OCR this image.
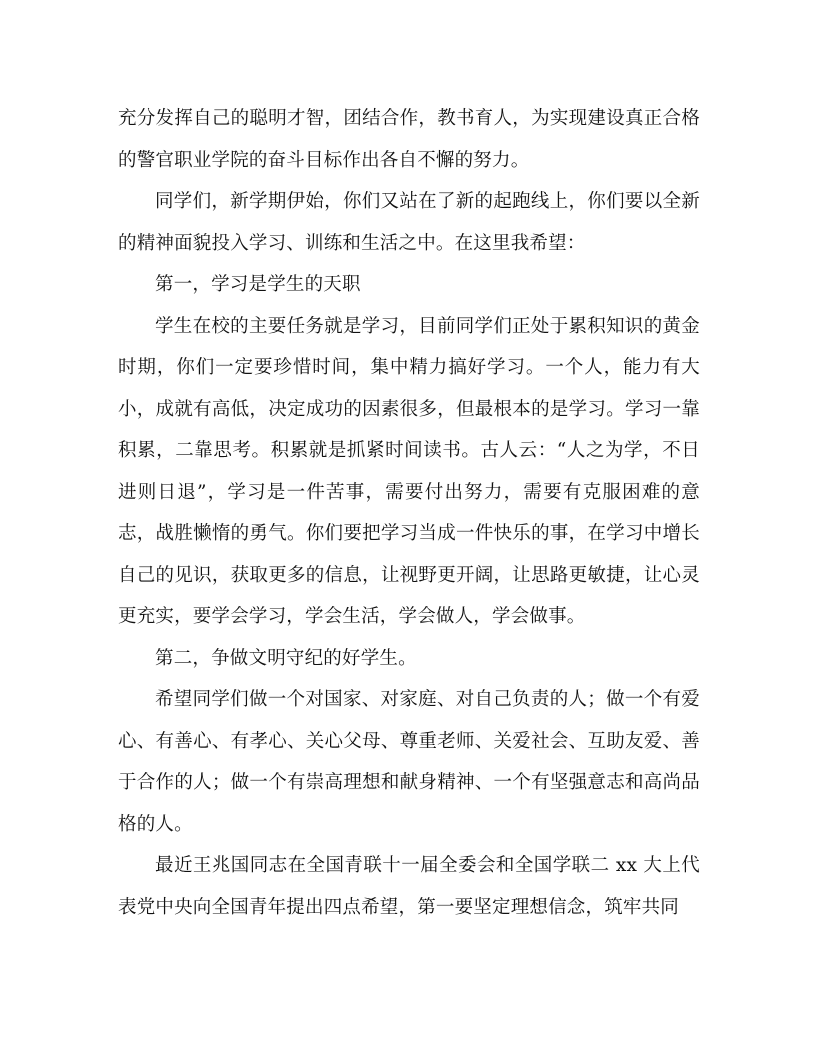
充分发挥自己的聪明才智，团结合作，教书育人，为实现建设真正合格的警官职业学院的奋斗目标作出各自不懈的努力。

同学们，新学期伊始，你们又站在了新的起跑线上，你们要以全新的精神面貌投入学习、训练和生活之中。在这里我希望：

第一，学习是学生的天职

学生在校的主要任务就是学习，目前同学们正处于累积知识的黄金时期，你们一定要珍惜时间，集中精力搞好学习。一个人，能力有大小，成就有高低，决定成功的因素很多，但最根本的是学习。学习一靠积累，二靠思考。积累就是抓紧时间读书。古人云：“人之为学，不日进则日退”，学习是一件苦事，需要付出努力，需要有克服困难的意志，战胜懒惰的勇气。你们要把学习当成一件快乐的事，在学习中增长自己的见识，获取更多的信息，让视野更开阔，让思路更敏捷，让心灵更充实，要学会学习，学会生活，学会做人，学会做事。

第二，争做文明守纪的好学生。

希望同学们做一个对国家、对家庭、对自己负责的人；做一个有爱心、有善心、有孝心、关心父母、尊重老师、关爱社会、互助友爱、善于合作的人；做一个有崇高理想和献身精神、一个有坚强意志和高尚品格的人。

最近王兆国同志在全国青联十一届全委会和全国学联二 xx 大上代表党中央向全国青年提出四点希望，第一要坚定理想信念，筑牢共同
